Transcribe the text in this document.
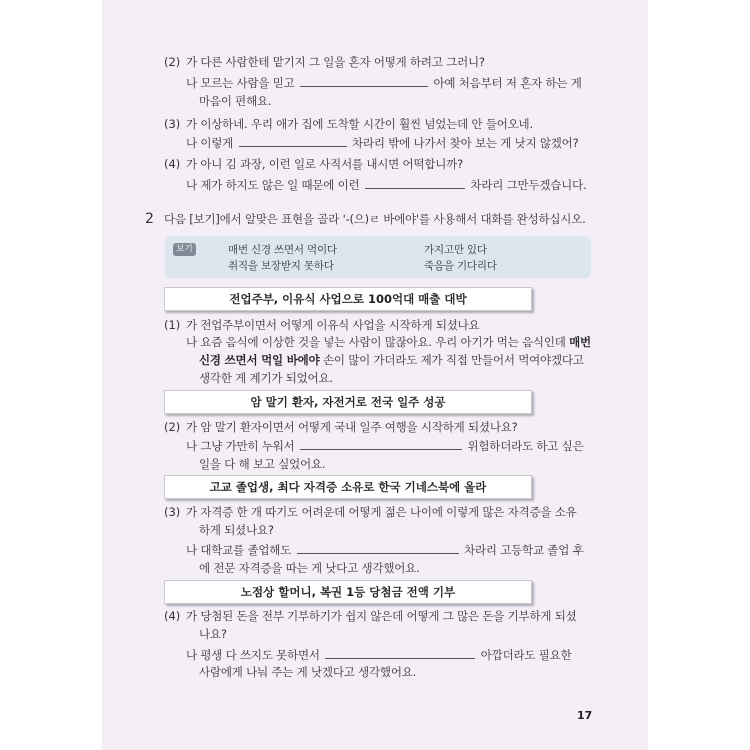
(2) 가 다른 사람한테 맡기지 그 일을 혼자 어떻게 하려고 그러니?
나 모르는 사람을 믿고	아예 처음부터 저 혼자 하는 게
마음이 편해요.
(3) 가 이상하네. 우리 애가 집에 도착할 시간이 훨씬 넘었는데 안 들어오네.
나 이렇게	차라리 밖에 나가서 찾아 보는 게 낫지 않겠어?
(4) 가 아니 김 과장, 이런 일로 사직서를 내시면 어떡합니까?
나 제가 하지도 않은 일 때문에 이런	차라리 그만두겠습니다.
2 다음 [보기]에서 알맞은 표현을 골라 '-(으)ㄹ 바에야'를 사용해서 대화를 완성하십시오.
보기	매번 신경 쓰면서 먹이다	가지고만 있다
취직을 보장받지 못하다	죽음을 기다리다
전업주부, 이유식 사업으로 100억대 매출 대박
(1) 가 전업주부이면서 어떻게 이유식 사업을 시작하게 되셨나요
나 요즘 음식에 이상한 것을 넣는 사람이 많잖아요. 우리 아기가 먹는 음식인데 매번
신경 쓰면서 먹일 바에야 손이 많이 가더라도 제가 직접 만들어서 먹여야겠다고
생각한 게 계기가 되었어요.
암 말기 환자, 자전거로 전국 일주 성공
(2) 가 암 말기 환자이면서 어떻게 국내 일주 여행을 시작하게 되셨나요?
나 그냥 가만히 누워서	위험하더라도 하고 싶은
일을 다 해 보고 싶었어요.
고교 졸업생, 최다 자격증 소유로 한국 기네스북에 올라
(3) 가 자격증 한 개 따기도 어려운데 어떻게 젊은 나이에 이렇게 많은 자격증을 소유
하게 되셨나요?
나 대학교를 졸업해도	차라리 고등학교 졸업 후
에 전문 자격증을 따는 게 낫다고 생각했어요.
노점상 할머니, 복권 1등 당첨금 전액 기부
(4) 가 당첨된 돈을 전부 기부하기가 쉽지 않은데 어떻게 그 많은 돈을 기부하게 되셨
나요?
나 평생 다 쓰지도 못하면서	아깝더라도 필요한
사람에게 나눠 주는 게 낫겠다고 생각했어요.
17
